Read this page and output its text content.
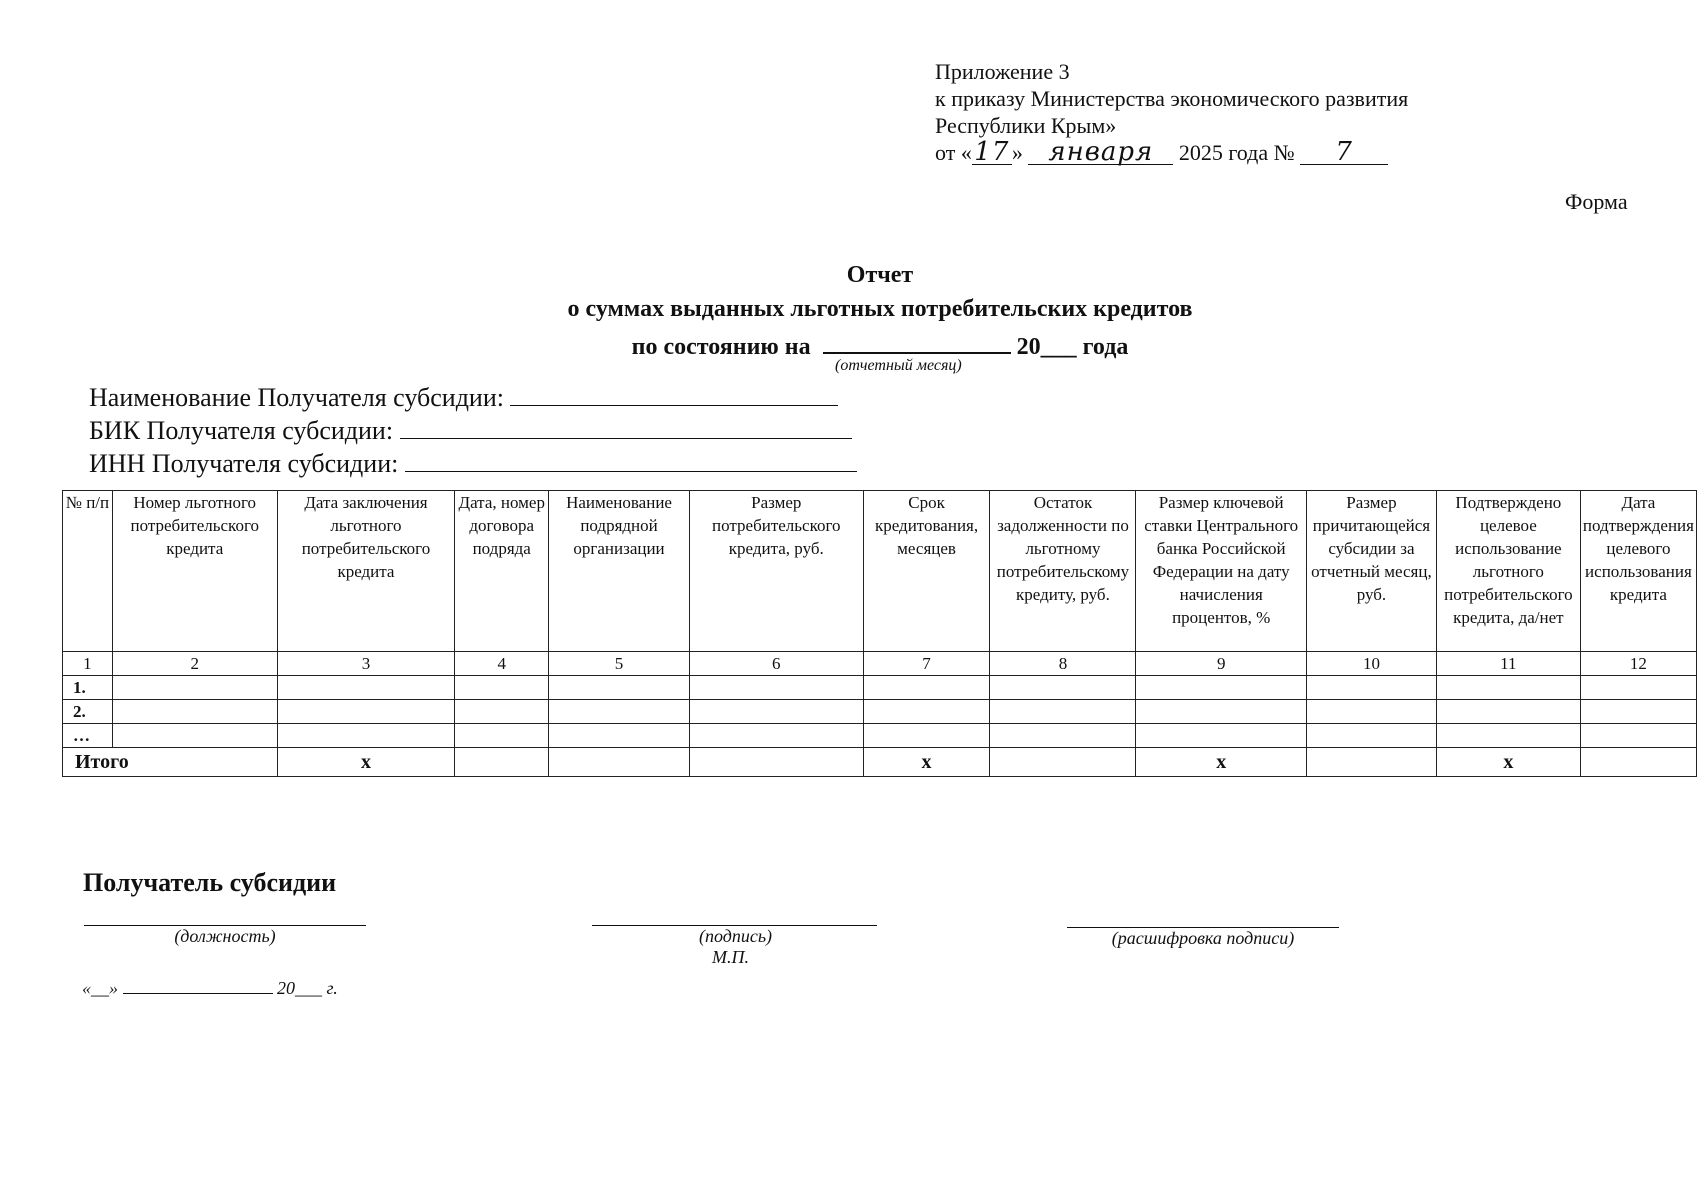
Приложение 3
к приказу Министерства экономического развития
Республики Крым»
от «17 » января 2025 года № 7
Форма
Отчет
о суммах выданных льготных потребительских кредитов
по состоянию на	20___ года
(отчетный месяц)
Наименование Получателя субсидии:
БИК Получателя субсидии:
ИНН Получателя субсидии:
№ п/п	Номер льготного потребительского кредита	Дата заключения льготного потребительского кредита	Дата, номер договора подряда	Наименование подрядной организации	Размер потребительского кредита, руб.	Срок кредитования, месяцев	Остаток задолженности по льготному потребительскому кредиту, руб.	Размер ключевой ставки Центрального банка Российской Федерации на дату начисления процентов, %	Размер причитающейся субсидии за отчетный месяц, руб.	Подтверждено целевое использование льготного потребительского кредита, да/нет	Дата подтверждения целевого использования кредита
1	2	3	4	5	6	7	8	9	10	11	12
1.											
2.											
…											
Итого		x				x		x		x	
Получатель субсидии
(должность)	(подпись)
М.П.
(расшифровка подписи)
«__»	20___ г.
